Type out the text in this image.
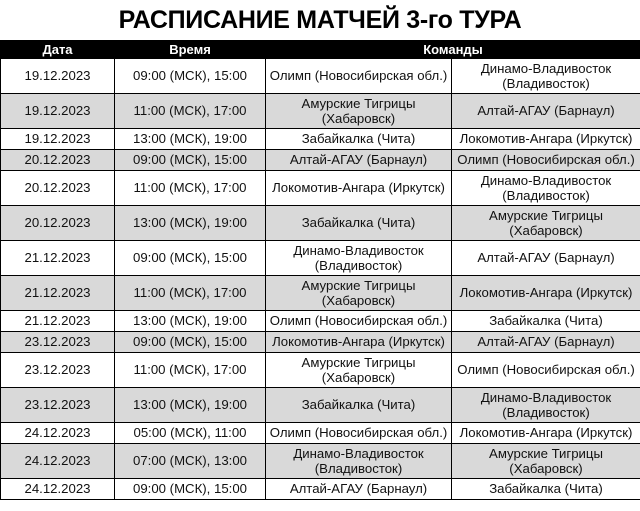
РАСПИСАНИЕ МАТЧЕЙ 3-го ТУРА
Дата	Время	Команды	
19.12.2023	09:00 (МСК), 15:00	Олимп (Новосибирская обл.)	Динамо-Владивосток (Владивосток)
19.12.2023	11:00 (МСК), 17:00	Амурские Тигрицы (Хабаровск)	Алтай-АГАУ (Барнаул)
19.12.2023	13:00 (МСК), 19:00	Забайкалка (Чита)	Локомотив-Ангара (Иркутск)
20.12.2023	09:00 (МСК), 15:00	Алтай-АГАУ (Барнаул)	Олимп (Новосибирская обл.)
20.12.2023	11:00 (МСК), 17:00	Локомотив-Ангара (Иркутск)	Динамо-Владивосток (Владивосток)
20.12.2023	13:00 (МСК), 19:00	Забайкалка (Чита)	Амурские Тигрицы (Хабаровск)
21.12.2023	09:00 (МСК), 15:00	Динамо-Владивосток (Владивосток)	Алтай-АГАУ (Барнаул)
21.12.2023	11:00 (МСК), 17:00	Амурские Тигрицы (Хабаровск)	Локомотив-Ангара (Иркутск)
21.12.2023	13:00 (МСК), 19:00	Олимп (Новосибирская обл.)	Забайкалка (Чита)
23.12.2023	09:00 (МСК), 15:00	Локомотив-Ангара (Иркутск)	Алтай-АГАУ (Барнаул)
23.12.2023	11:00 (МСК), 17:00	Амурские Тигрицы (Хабаровск)	Олимп (Новосибирская обл.)
23.12.2023	13:00 (МСК), 19:00	Забайкалка (Чита)	Динамо-Владивосток (Владивосток)
24.12.2023	05:00 (МСК), 11:00	Олимп (Новосибирская обл.)	Локомотив-Ангара (Иркутск)
24.12.2023	07:00 (МСК), 13:00	Динамо-Владивосток (Владивосток)	Амурские Тигрицы (Хабаровск)
24.12.2023	09:00 (МСК), 15:00	Алтай-АГАУ (Барнаул)	Забайкалка (Чита)
